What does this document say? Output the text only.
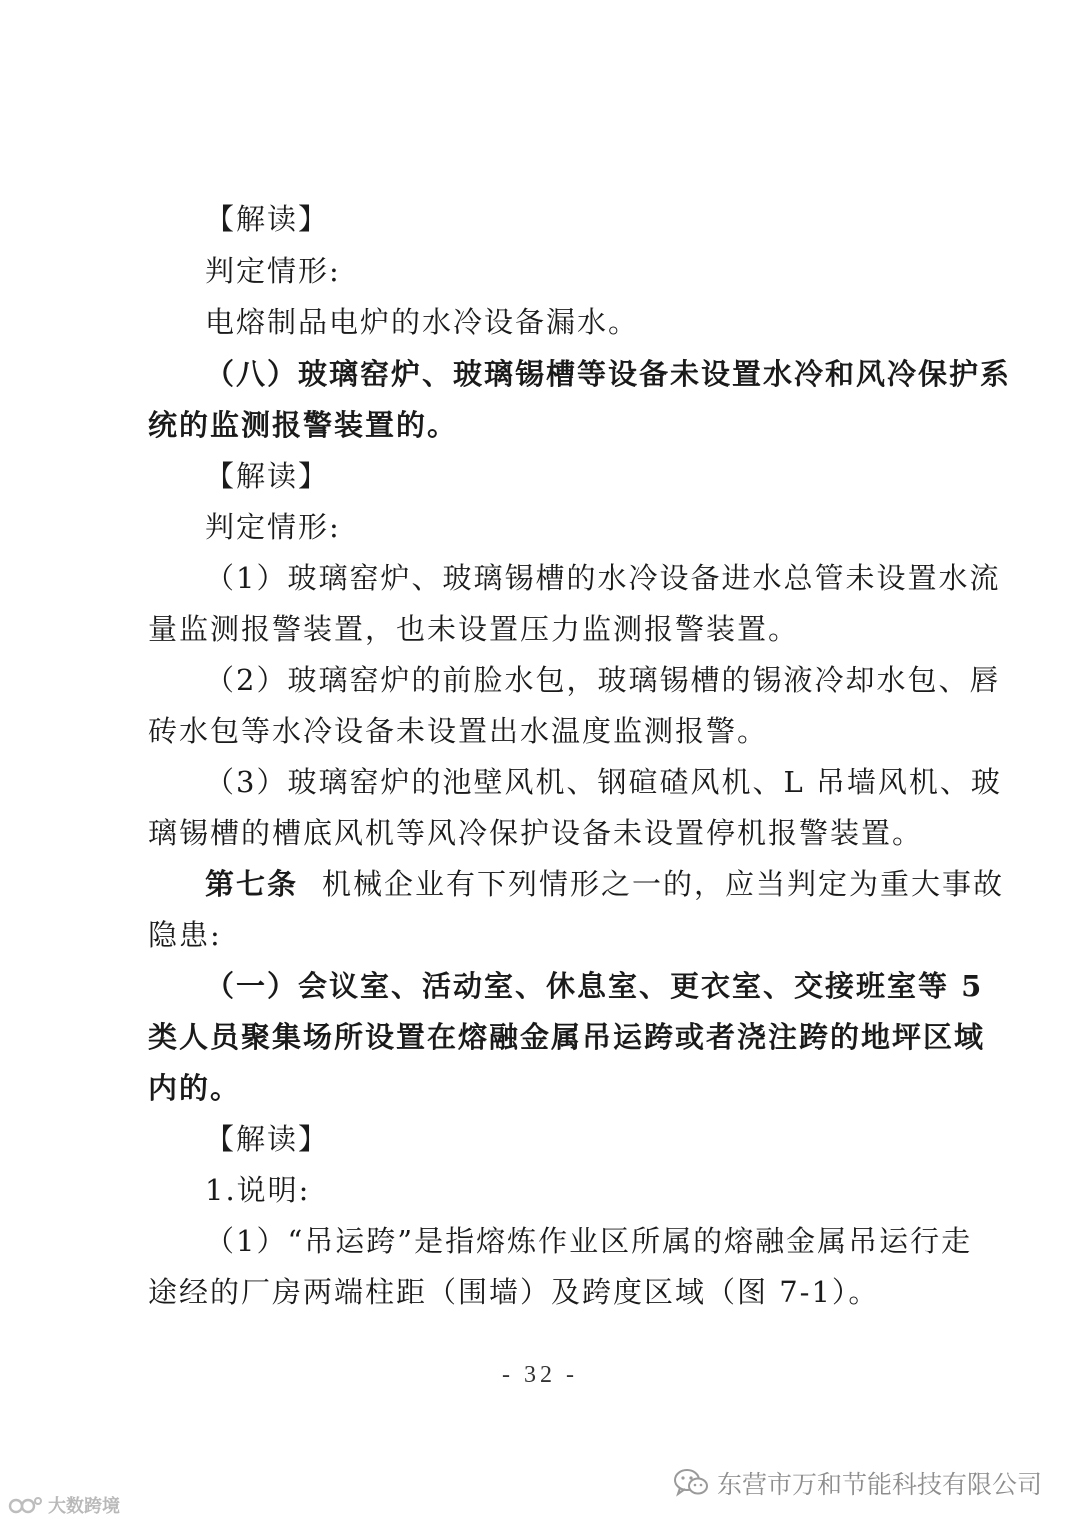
【解读】
判定情形:
电熔制品电炉的水冷设备漏水。
（八）玻璃窑炉、玻璃锡槽等设备未设置水冷和风冷保护系
统的监测报警装置的。
【解读】
判定情形:
（1）玻璃窑炉、玻璃锡槽的水冷设备进水总管未设置水流
量监测报警装置，也未设置压力监测报警装置。
（2）玻璃窑炉的前脸水包，玻璃锡槽的锡液冷却水包、唇
砖水包等水冷设备未设置出水温度监测报警。
（3）玻璃窑炉的池壁风机、钢碹碴风机、L 吊墙风机、玻
璃锡槽的槽底风机等风冷保护设备未设置停机报警装置。
第七条 机械企业有下列情形之一的，应当判定为重大事故
隐患:
（一）会议室、活动室、休息室、更衣室、交接班室等 5
类人员聚集场所设置在熔融金属吊运跨或者浇注跨的地坪区域
内的。
【解读】
1.说明:
（1）“吊运跨”是指熔炼作业区所属的熔融金属吊运行走
途经的厂房两端柱距（围墙）及跨度区域（图 7-1）。
- 32 -
东营市万和节能科技有限公司
大数跨境
